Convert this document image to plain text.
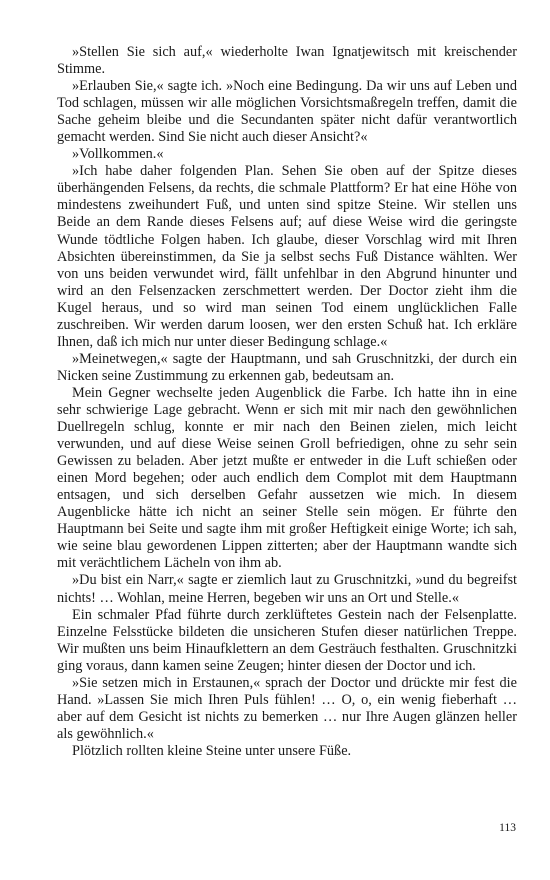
»Stellen Sie sich auf,« wiederholte Iwan Ignatjewitsch mit kreischender Stimme.

»Erlauben Sie,« sagte ich. »Noch eine Bedingung. Da wir uns auf Leben und Tod schlagen, müssen wir alle möglichen Vorsichtsmaßregeln treffen, damit die Sache geheim bleibe und die Secundanten später nicht dafür verantwortlich gemacht werden. Sind Sie nicht auch dieser Ansicht?«

»Vollkommen.«

»Ich habe daher folgenden Plan. Sehen Sie oben auf der Spitze dieses überhängenden Felsens, da rechts, die schmale Plattform? Er hat eine Höhe von mindestens zweihundert Fuß, und unten sind spitze Steine. Wir stellen uns Beide an dem Rande dieses Felsens auf; auf diese Weise wird die geringste Wunde tödtliche Folgen haben. Ich glaube, dieser Vorschlag wird mit Ihren Absichten übereinstimmen, da Sie ja selbst sechs Fuß Distance wählten. Wer von uns beiden verwundet wird, fällt unfehlbar in den Abgrund hinunter und wird an den Felsenzacken zerschmettert werden. Der Doctor zieht ihm die Kugel heraus, und so wird man seinen Tod einem unglücklichen Falle zuschreiben. Wir werden darum loosen, wer den ersten Schuß hat. Ich erkläre Ihnen, daß ich mich nur unter dieser Bedingung schlage.«

»Meinetwegen,« sagte der Hauptmann, und sah Gruschnitzki, der durch ein Nicken seine Zustimmung zu erkennen gab, bedeutsam an.

Mein Gegner wechselte jeden Augenblick die Farbe. Ich hatte ihn in eine sehr schwierige Lage gebracht. Wenn er sich mit mir nach den gewöhnlichen Duellregeln schlug, konnte er mir nach den Beinen zielen, mich leicht verwunden, und auf diese Weise seinen Groll befriedigen, ohne zu sehr sein Gewissen zu beladen. Aber jetzt mußte er entweder in die Luft schießen oder einen Mord begehen; oder auch endlich dem Complot mit dem Hauptmann entsagen, und sich derselben Gefahr aussetzen wie mich. In diesem Augenblicke hätte ich nicht an seiner Stelle sein mögen. Er führte den Hauptmann bei Seite und sagte ihm mit großer Heftigkeit einige Worte; ich sah, wie seine blau gewordenen Lippen zitterten; aber der Hauptmann wandte sich mit verächtlichem Lächeln von ihm ab.

»Du bist ein Narr,« sagte er ziemlich laut zu Gruschnitzki, »und du begreifst nichts! … Wohlan, meine Herren, begeben wir uns an Ort und Stelle.«

Ein schmaler Pfad führte durch zerklüftetes Gestein nach der Felsenplatte. Einzelne Felsstücke bildeten die unsicheren Stufen dieser natürlichen Treppe. Wir mußten uns beim Hinaufklettern an dem Gesträuch festhalten. Gruschnitzki ging voraus, dann kamen seine Zeugen; hinter diesen der Doctor und ich.

»Sie setzen mich in Erstaunen,« sprach der Doctor und drückte mir fest die Hand. »Lassen Sie mich Ihren Puls fühlen! … O, o, ein wenig fieberhaft … aber auf dem Gesicht ist nichts zu bemerken … nur Ihre Augen glänzen heller als gewöhnlich.«

Plötzlich rollten kleine Steine unter unsere Füße.

113
